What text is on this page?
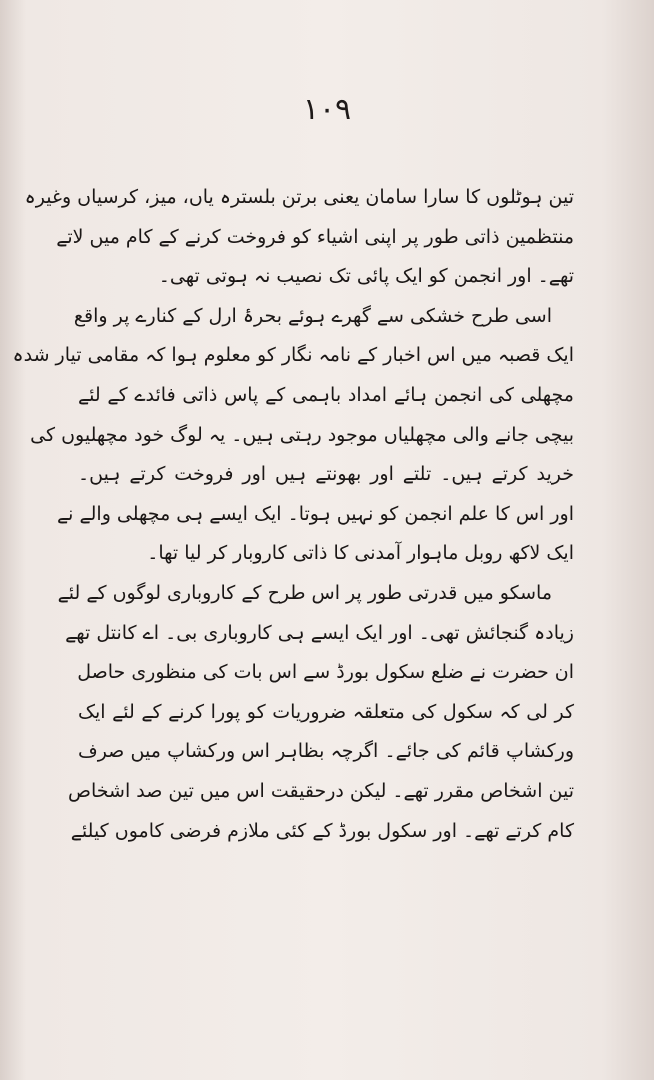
۱۰۹
تین ہوٹلوں کا سارا سامان یعنی برتن بلسترہ یاں، میز، کرسیاں وغیرہ
منتظمین ذاتی طور پر اپنی اشیاء کو فروخت کرنے کے کام میں لاتے
تھے۔ اور انجمن کو ایک پائی تک نصیب نہ ہوتی تھی۔
اسی طرح خشکی سے گھرے ہوئے بحرۂ ارل کے کنارے پر واقع
ایک قصبہ میں اس اخبار کے نامہ نگار کو معلوم ہوا کہ مقامی تیار شدہ
مچھلی کی انجمن ہائے امداد باہمی کے پاس ذاتی فائدے کے لئے
بیچی جانے والی مچھلیاں موجود رہتی ہیں۔ یہ لوگ خود مچھلیوں کی
خرید کرتے ہیں۔ تلتے اور بھونتے ہیں اور فروخت کرتے ہیں۔
اور اس کا علم انجمن کو نہیں ہوتا۔ ایک ایسے ہی مچھلی والے نے
ایک لاکھ روبل ماہوار آمدنی کا ذاتی کاروبار کر لیا تھا۔
ماسکو میں قدرتی طور پر اس طرح کے کاروباری لوگوں کے لئے
زیادہ گنجائش تھی۔ اور ایک ایسے ہی کاروباری بی۔ اے کانتل تھے
ان حضرت نے ضلع سکول بورڈ سے اس بات کی منظوری حاصل
کر لی کہ سکول کی متعلقہ ضروریات کو پورا کرنے کے لئے ایک
ورکشاپ قائم کی جائے۔ اگرچہ بظاہر اس ورکشاپ میں صرف
تین اشخاص مقرر تھے۔ لیکن درحقیقت اس میں تین صد اشخاص
کام کرتے تھے۔ اور سکول بورڈ کے کئی ملازم فرضی کاموں کیلئے
